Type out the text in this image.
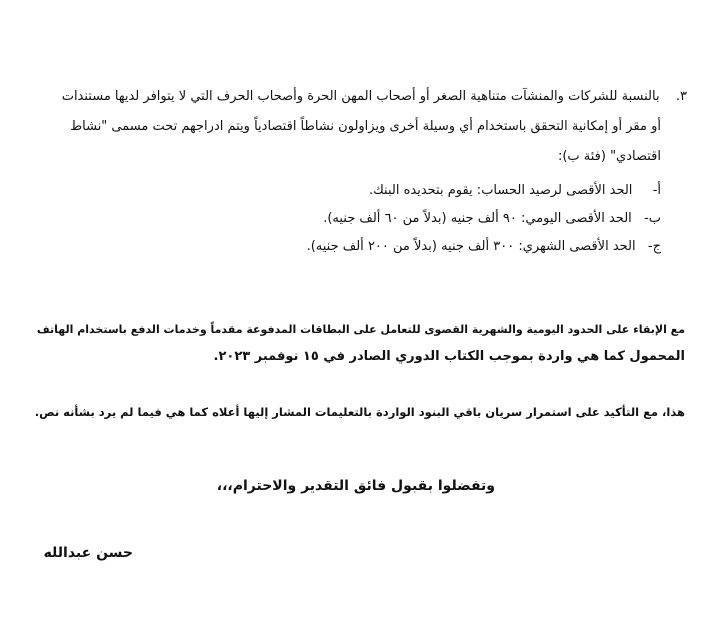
٣.  بالنسبة للشركات والمنشآت متناهية الصغر أو أصحاب المهن الحرة وأصحاب الحرف التي لا يتوافر لديها مستندات
أو مقر أو إمكانية التحقق باستخدام أي وسيلة أخرى ويزاولون نشاطاً اقتصادياً ويتم ادراجهم تحت مسمى "نشاط
اقتصادي" (فئة ب):
أ-  الحد الأقصى لرصيد الحساب: يقوم بتحديده البنك.
ب-  الحد الأقصى اليومي: ٩٠ ألف جنيه (بدلاً من ٦٠ ألف جنيه).
ج-  الحد الأقصى الشهري: ٣٠٠ ألف جنيه (بدلاً من ٢٠٠ ألف جنيه).
مع الإبقاء على الحدود اليومية والشهرية القصوى للتعامل على البطاقات المدفوعة مقدماً وخدمات الدفع باستخدام الهاتف
المحمول كما هي واردة بموجب الكتاب الدوري الصادر في ١٥ نوفمبر ٢٠٢٣.
هذا، مع التأكيد على استمرار سريان باقي البنود الواردة بالتعليمات المشار إليها أعلاه كما هي فيما لم يرد بشأنه نص.
وتفضلوا بقبول فائق التقدير والاحترام،،،
حسن عبدالله
